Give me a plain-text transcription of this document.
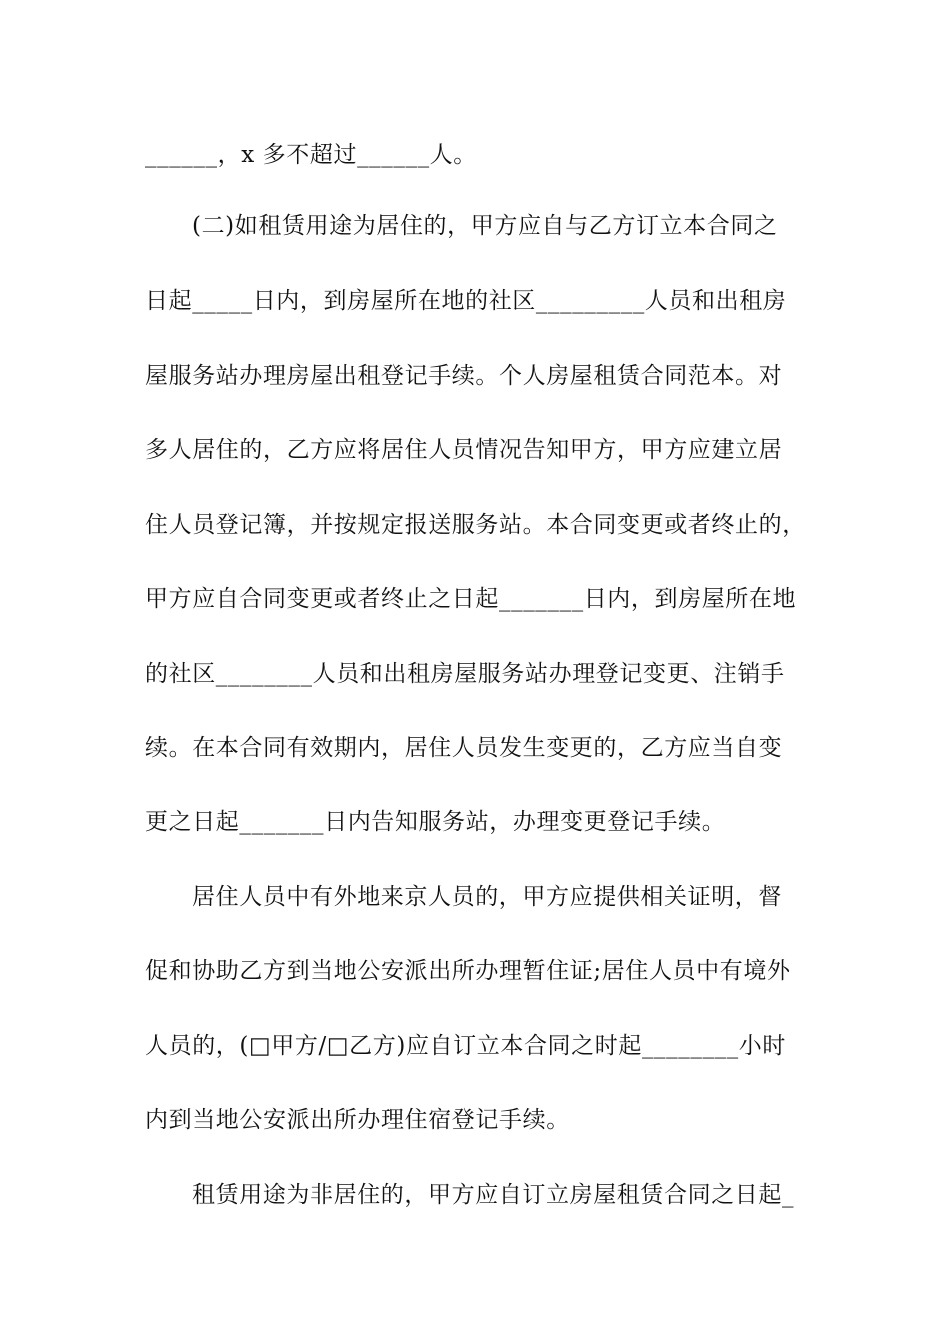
______，x 多不超过______人。
(二)如租赁用途为居住的，甲方应自与乙方订立本合同之
日起_____日内，到房屋所在地的社区_________人员和出租房
屋服务站办理房屋出租登记手续。个人房屋租赁合同范本。对
多人居住的，乙方应将居住人员情况告知甲方，甲方应建立居
住人员登记簿，并按规定报送服务站。本合同变更或者终止的，
甲方应自合同变更或者终止之日起_______日内，到房屋所在地
的社区________人员和出租房屋服务站办理登记变更、注销手
续。在本合同有效期内，居住人员发生变更的，乙方应当自变
更之日起_______日内告知服务站，办理变更登记手续。
居住人员中有外地来京人员的，甲方应提供相关证明，督
促和协助乙方到当地公安派出所办理暂住证;居住人员中有境外
人员的，(□甲方/□乙方)应自订立本合同之时起________小时
内到当地公安派出所办理住宿登记手续。
租赁用途为非居住的，甲方应自订立房屋租赁合同之日起_
